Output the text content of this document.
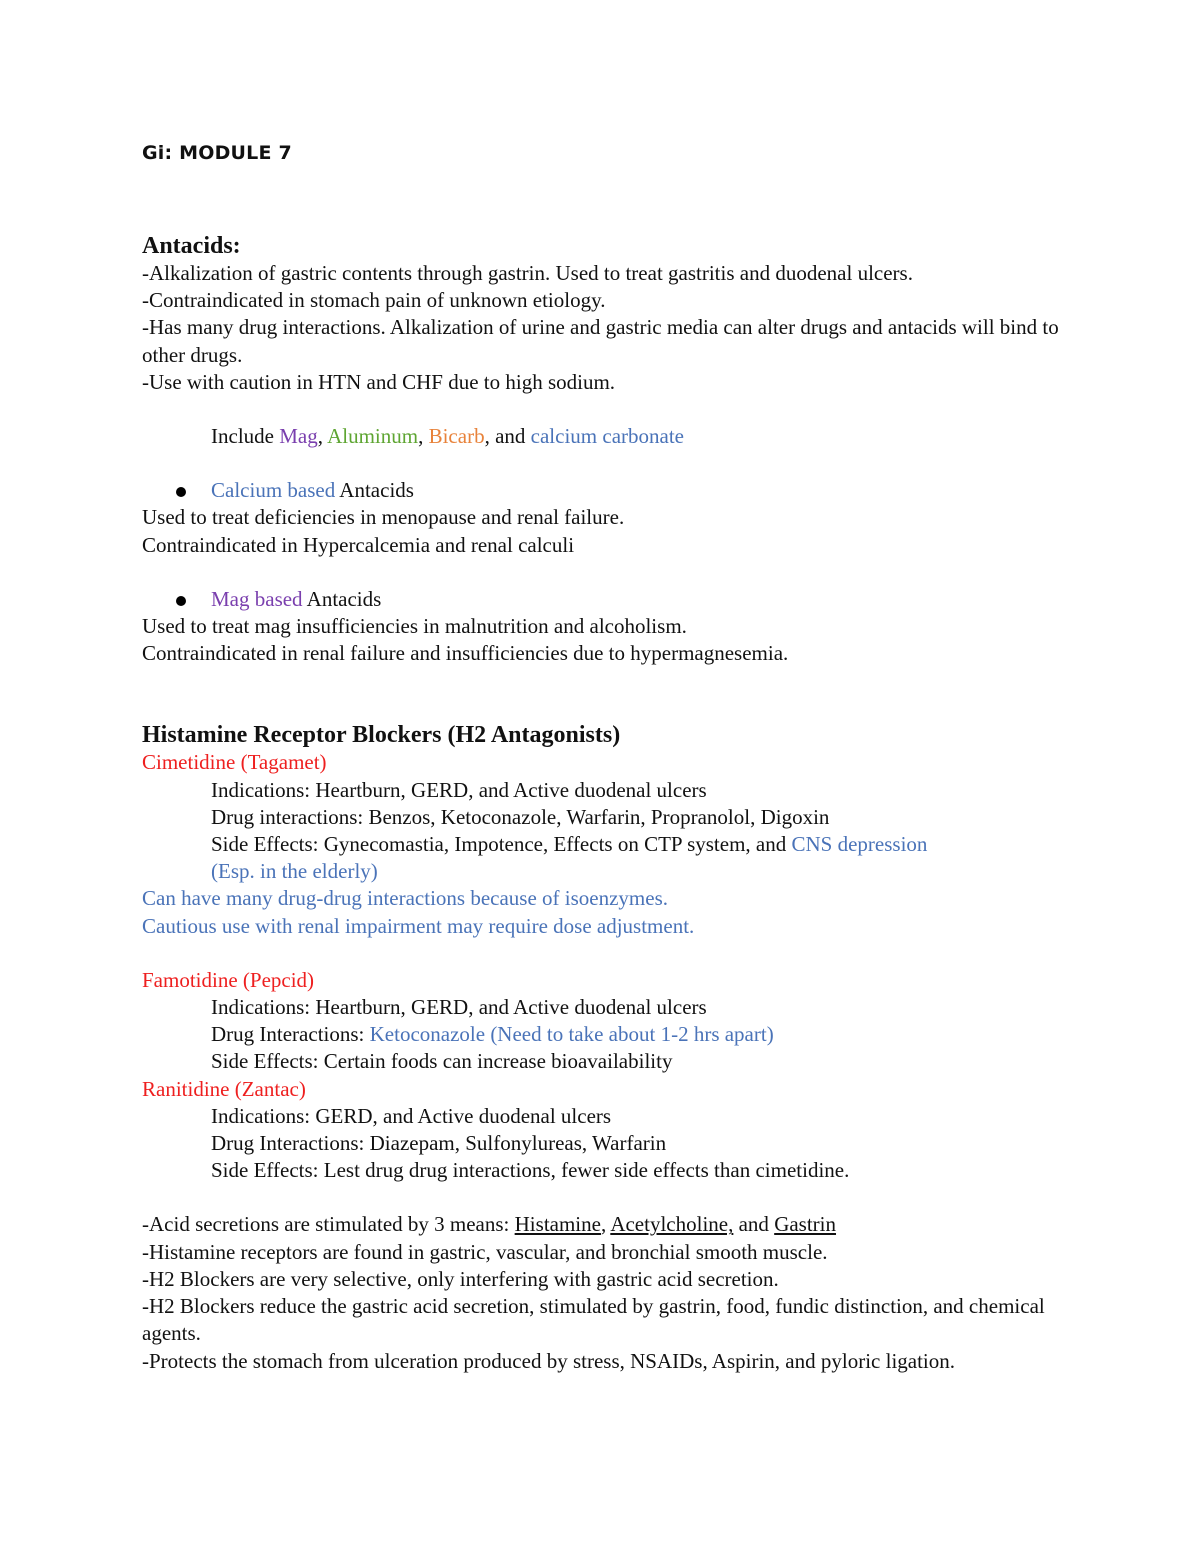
Gi: MODULE 7

Antacids:

-Alkalization of gastric contents through gastrin. Used to treat gastritis and duodenal ulcers.

-Contraindicated in stomach pain of unknown etiology.

-Has many drug interactions. Alkalization of urine and gastric media can alter drugs and antacids will bind to other drugs.

-Use with caution in HTN and CHF due to high sodium.

Include Mag, Aluminum, Bicarb, and calcium carbonate

Calcium based Antacids

Used to treat deficiencies in menopause and renal failure.

Contraindicated in Hypercalcemia and renal calculi

Mag based Antacids

Used to treat mag insufficiencies in malnutrition and alcoholism.

Contraindicated in renal failure and insufficiencies due to hypermagnesemia.

Histamine Receptor Blockers (H2 Antagonists)

Cimetidine (Tagamet)

Indications: Heartburn, GERD, and Active duodenal ulcers

Drug interactions: Benzos, Ketoconazole, Warfarin, Propranolol, Digoxin

Side Effects: Gynecomastia, Impotence, Effects on CTP system, and CNS depression

(Esp. in the elderly)

Can have many drug-drug interactions because of isoenzymes.

Cautious use with renal impairment may require dose adjustment.

Famotidine (Pepcid)

Indications: Heartburn, GERD, and Active duodenal ulcers

Drug Interactions: Ketoconazole (Need to take about 1-2 hrs apart)

Side Effects: Certain foods can increase bioavailability

Ranitidine (Zantac)

Indications: GERD, and Active duodenal ulcers

Drug Interactions: Diazepam, Sulfonylureas, Warfarin

Side Effects: Lest drug drug interactions, fewer side effects than cimetidine.

-Acid secretions are stimulated by 3 means: Histamine, Acetylcholine, and Gastrin

-Histamine receptors are found in gastric, vascular, and bronchial smooth muscle.

-H2 Blockers are very selective, only interfering with gastric acid secretion.

-H2 Blockers reduce the gastric acid secretion, stimulated by gastrin, food, fundic distinction, and chemical agents.

-Protects the stomach from ulceration produced by stress, NSAIDs, Aspirin, and pyloric ligation.
